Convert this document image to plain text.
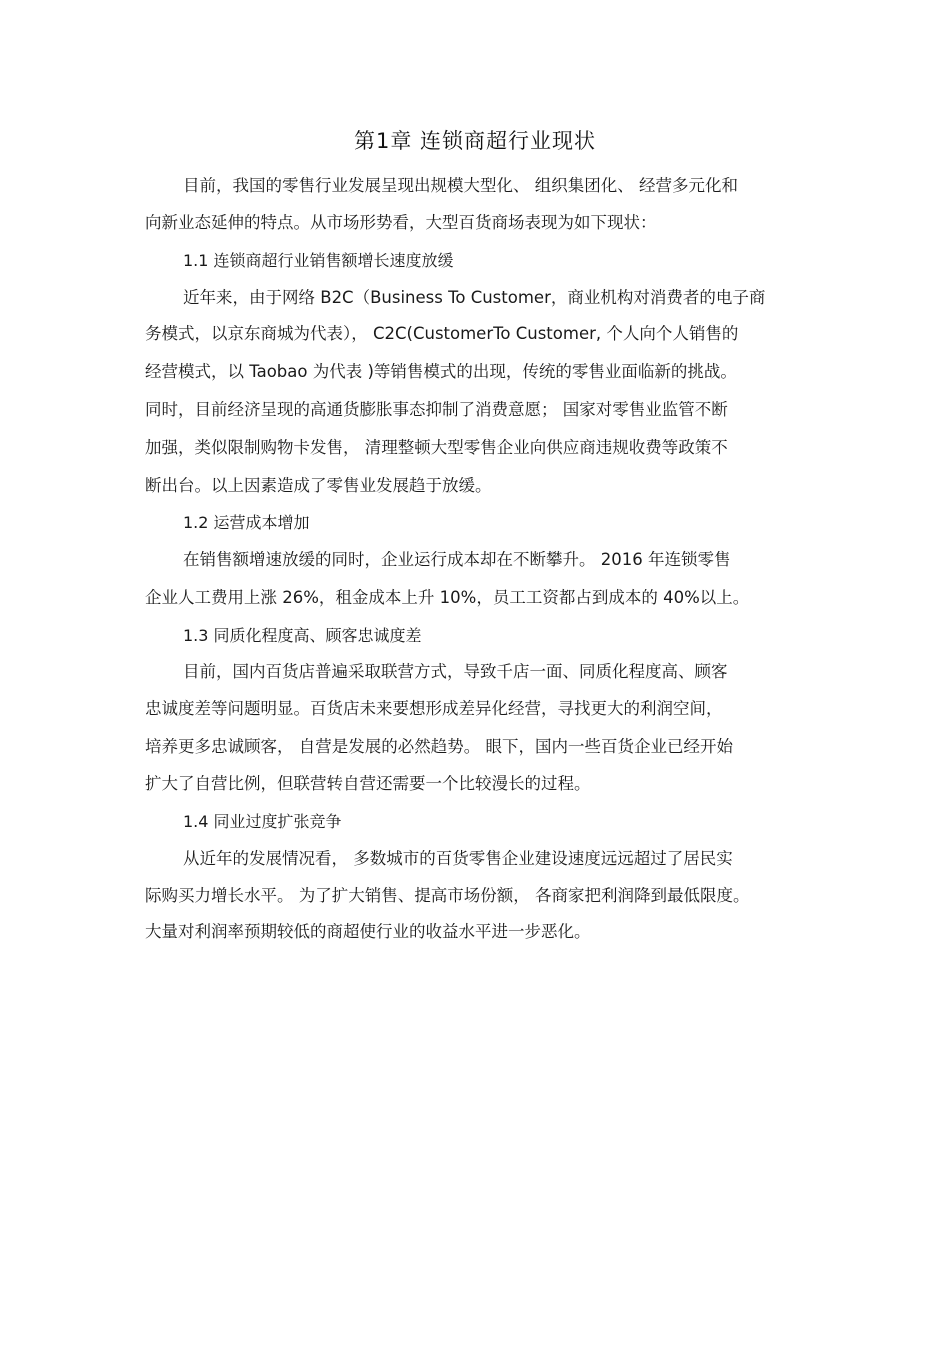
第1章 连锁商超行业现状
目前，我国的零售行业发展呈现出规模大型化、 组织集团化、 经营多元化和
向新业态延伸的特点。从市场形势看，大型百货商场表现为如下现状：
1.1 连锁商超行业销售额增长速度放缓
近年来，由于网络 B2C（Business To Customer，商业机构对消费者的电子商
务模式，以京东商城为代表）， C2C(CustomerTo Customer, 个人向个人销售的
经营模式，以 Taobao 为代表 )等销售模式的出现，传统的零售业面临新的挑战。
同时，目前经济呈现的高通货膨胀事态抑制了消费意愿； 国家对零售业监管不断
加强，类似限制购物卡发售， 清理整顿大型零售企业向供应商违规收费等政策不
断出台。以上因素造成了零售业发展趋于放缓。
1.2 运营成本增加
在销售额增速放缓的同时，企业运行成本却在不断攀升。 2016 年连锁零售
企业人工费用上涨 26%，租金成本上升 10%，员工工资都占到成本的 40%以上。
1.3 同质化程度高、顾客忠诚度差
目前，国内百货店普遍采取联营方式，导致千店一面、同质化程度高、顾客
忠诚度差等问题明显。百货店未来要想形成差异化经营，寻找更大的利润空间，
培养更多忠诚顾客， 自营是发展的必然趋势。 眼下，国内一些百货企业已经开始
扩大了自营比例，但联营转自营还需要一个比较漫长的过程。
1.4 同业过度扩张竞争
从近年的发展情况看， 多数城市的百货零售企业建设速度远远超过了居民实
际购买力增长水平。 为了扩大销售、提高市场份额， 各商家把利润降到最低限度。
大量对利润率预期较低的商超使行业的收益水平进一步恶化。
